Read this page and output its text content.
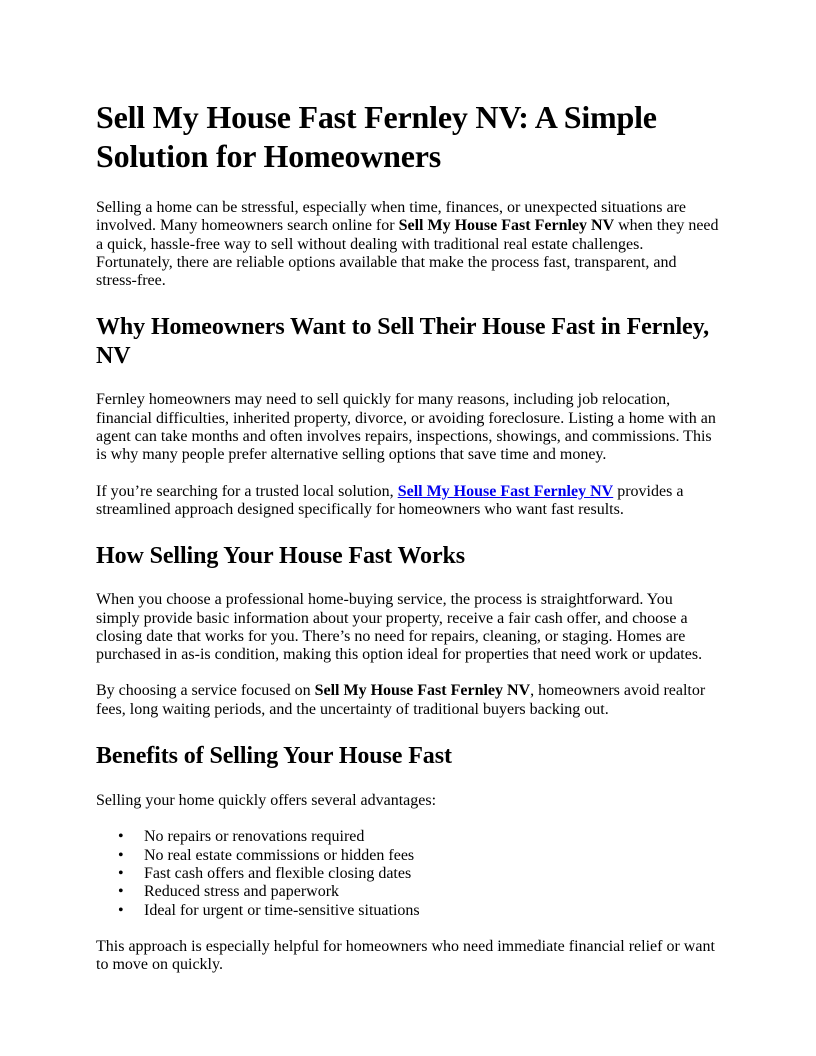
Sell My House Fast Fernley NV: A Simple Solution for Homeowners

Selling a home can be stressful, especially when time, finances, or unexpected situations are involved. Many homeowners search online for Sell My House Fast Fernley NV when they need a quick, hassle-free way to sell without dealing with traditional real estate challenges. Fortunately, there are reliable options available that make the process fast, transparent, and stress-free.

Why Homeowners Want to Sell Their House Fast in Fernley, NV

Fernley homeowners may need to sell quickly for many reasons, including job relocation, financial difficulties, inherited property, divorce, or avoiding foreclosure. Listing a home with an agent can take months and often involves repairs, inspections, showings, and commissions. This is why many people prefer alternative selling options that save time and money.

If you’re searching for a trusted local solution, Sell My House Fast Fernley NV provides a streamlined approach designed specifically for homeowners who want fast results.

How Selling Your House Fast Works

When you choose a professional home-buying service, the process is straightforward. You simply provide basic information about your property, receive a fair cash offer, and choose a closing date that works for you. There’s no need for repairs, cleaning, or staging. Homes are purchased in as-is condition, making this option ideal for properties that need work or updates.

By choosing a service focused on Sell My House Fast Fernley NV, homeowners avoid realtor fees, long waiting periods, and the uncertainty of traditional buyers backing out.

Benefits of Selling Your House Fast

Selling your home quickly offers several advantages:

• No repairs or renovations required
• No real estate commissions or hidden fees
• Fast cash offers and flexible closing dates
• Reduced stress and paperwork
• Ideal for urgent or time-sensitive situations

This approach is especially helpful for homeowners who need immediate financial relief or want to move on quickly.
